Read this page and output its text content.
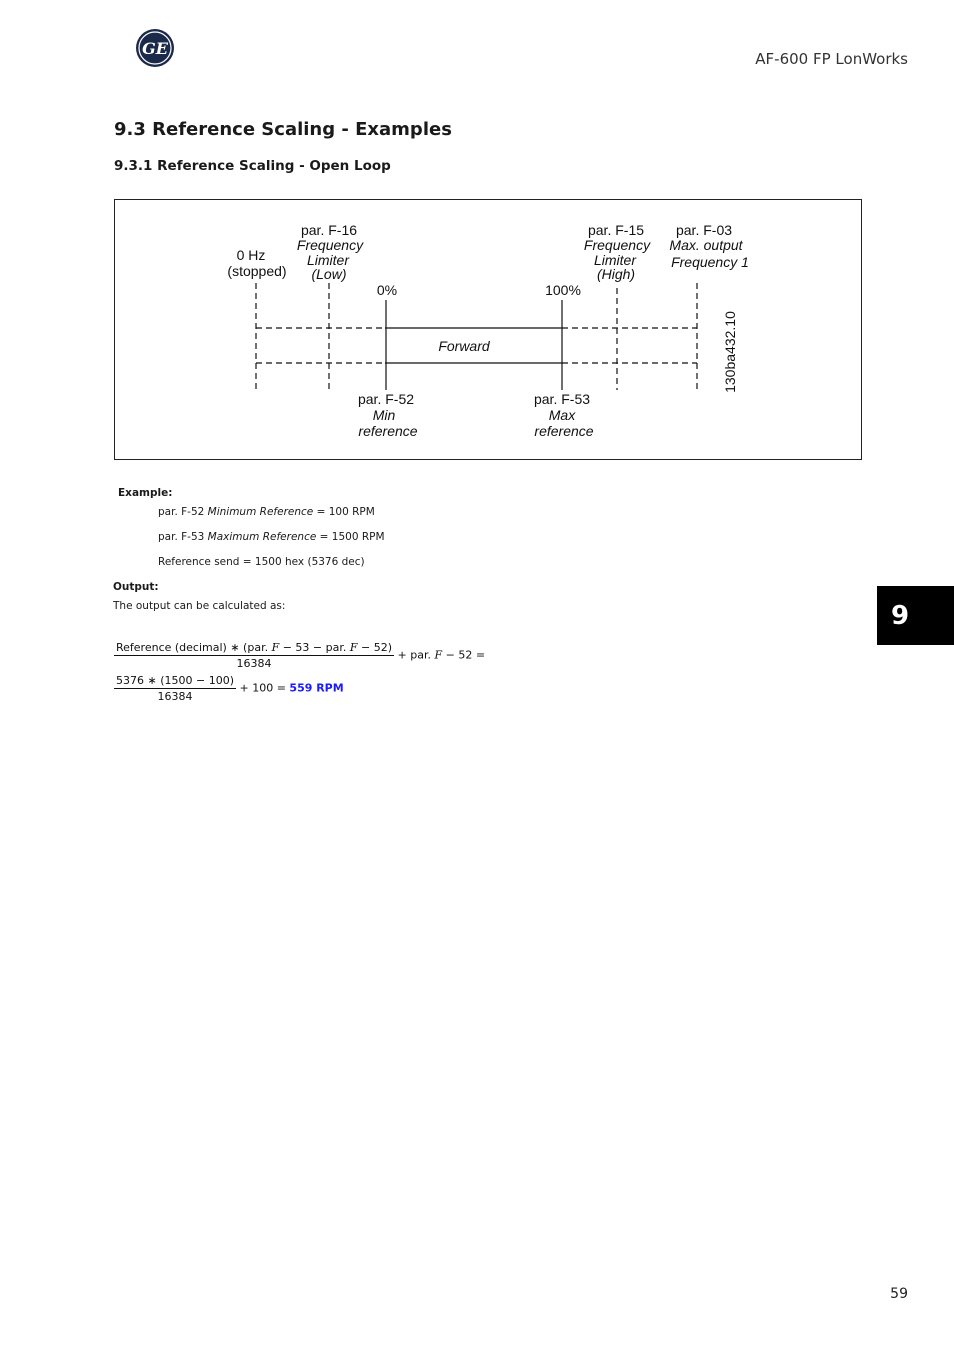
GE
AF-600 FP LonWorks
9.3 Reference Scaling - Examples
9.3.1 Reference Scaling - Open Loop
0 Hz
(stopped)
par. F-16
Frequency
Limiter
(Low)
0%	100%
par. F-15
Frequency
Limiter
(High)
par. F-03
Max. output
Frequency 1
Forward
par. F-52
Min
reference
par. F-53
Max
reference
130ba432.10
Example:
par. F-52 Minimum Reference = 100 RPM
par. F-53 Maximum Reference = 1500 RPM
Reference send = 1500 hex (5376 dec)
Output:
The output can be calculated as:
$\frac{\text{Reference (decimal) ∗ (par. F − 53 − par. F − 52)}}{16384}$ + par. F − 52 =
$\frac{5376 ∗ (1500 - 100)}{16384} + 100 = 559$ RPM
9
59
